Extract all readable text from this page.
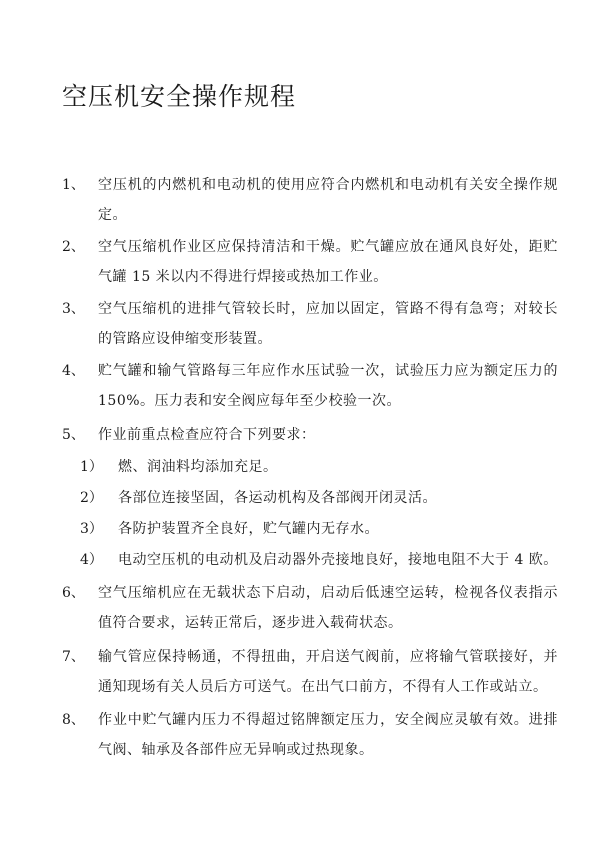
空压机安全操作规程
1、 空压机的内燃机和电动机的使用应符合内燃机和电动机有关安全操作规定。
2、 空气压缩机作业区应保持清洁和干燥。贮气罐应放在通风良好处，距贮气罐 15 米以内不得进行焊接或热加工作业。
3、 空气压缩机的进排气管较长时，应加以固定，管路不得有急弯；对较长的管路应设伸缩变形装置。
4、 贮气罐和输气管路每三年应作水压试验一次，试验压力应为额定压力的 150%。压力表和安全阀应每年至少校验一次。
5、 作业前重点检查应符合下列要求：
1）	燃、润油料均添加充足。
2）	各部位连接坚固，各运动机构及各部阀开闭灵活。
3）	各防护装置齐全良好，贮气罐内无存水。
4）	电动空压机的电动机及启动器外壳接地良好，接地电阻不大于 4 欧。
6、 空气压缩机应在无载状态下启动，启动后低速空运转，检视各仪表指示值符合要求，运转正常后，逐步进入载荷状态。
7、 输气管应保持畅通，不得扭曲，开启送气阀前，应将输气管联接好，并通知现场有关人员后方可送气。在出气口前方，不得有人工作或站立。
8、 作业中贮气罐内压力不得超过铭牌额定压力，安全阀应灵敏有效。进排气阀、轴承及各部件应无异响或过热现象。
